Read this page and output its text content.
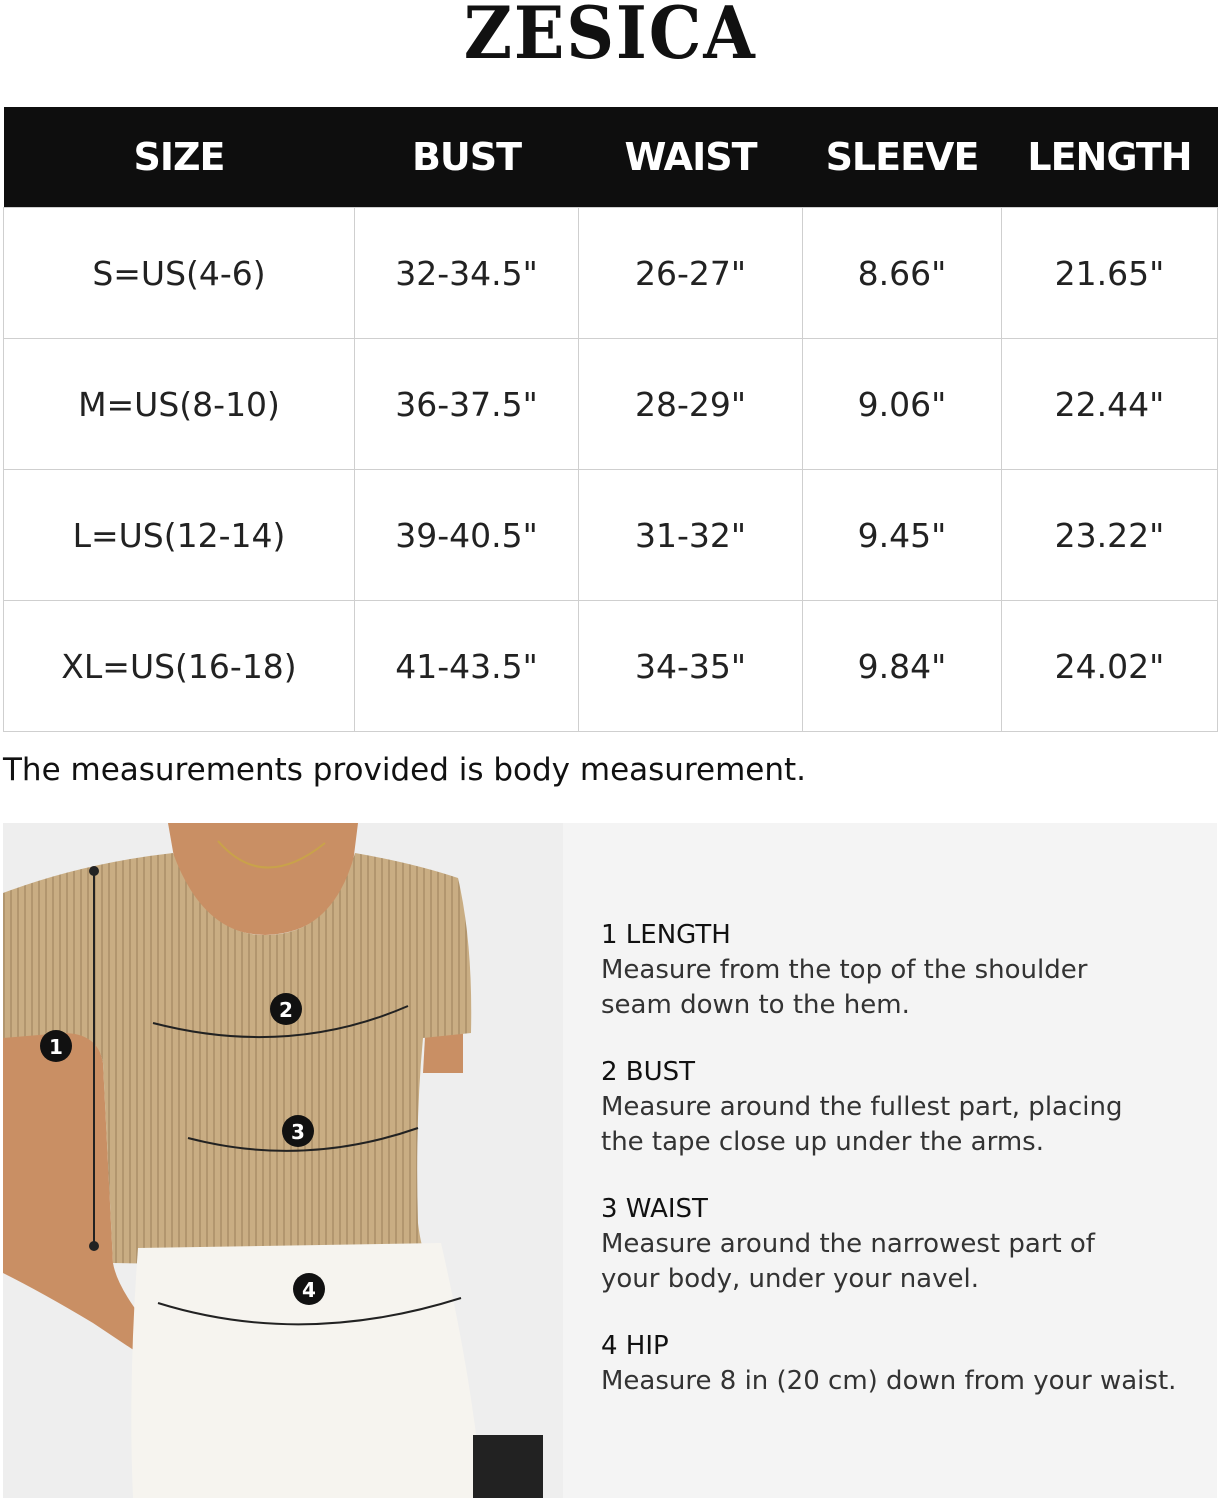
ZESICA
SIZE	BUST	WAIST	SLEEVE	LENGTH
S=US(4-6)	32-34.5"	26-27"	8.66"	21.65"
M=US(8-10)	36-37.5"	28-29"	9.06"	22.44"
L=US(12-14)	39-40.5"	31-32"	9.45"	23.22"
XL=US(16-18)	41-43.5"	34-35"	9.84"	24.02"
The measurements provided is body measurement.
1
2
3
4
1 LENGTH
Measure from the top of the shoulder
seam down to the hem.
2 BUST
Measure around the fullest part, placing
the tape close up under the arms.
3 WAIST
Measure around the narrowest part of
your body, under your navel.
4 HIP
Measure 8 in (20 cm) down from your waist.
